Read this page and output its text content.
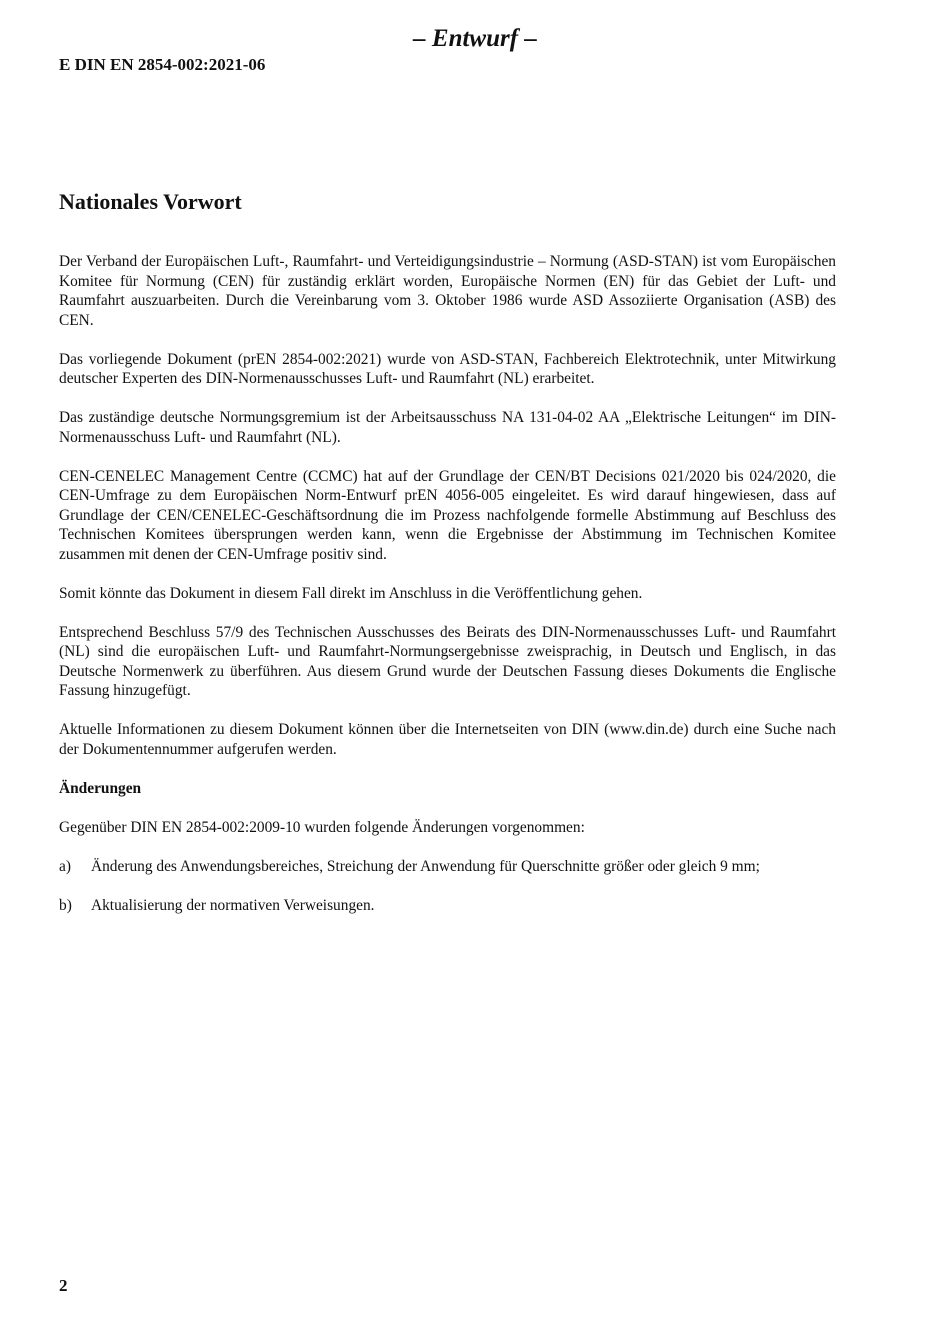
– Entwurf –
E DIN EN 2854-002:2021-06
Nationales Vorwort

Der Verband der Europäischen Luft-, Raumfahrt- und Verteidigungsindustrie – Normung (ASD-STAN) ist vom Europäischen Komitee für Normung (CEN) für zuständig erklärt worden, Europäische Normen (EN) für das Gebiet der Luft- und Raumfahrt auszuarbeiten. Durch die Vereinbarung vom 3. Oktober 1986 wurde ASD Assoziierte Organisation (ASB) des CEN.

Das vorliegende Dokument (prEN 2854-002:2021) wurde von ASD-STAN, Fachbereich Elektrotechnik, unter Mitwirkung deutscher Experten des DIN-Normenausschusses Luft- und Raumfahrt (NL) erarbeitet.

Das zuständige deutsche Normungsgremium ist der Arbeitsausschuss NA 131-04-02 AA „Elektrische Leitungen“ im DIN-Normenausschuss Luft- und Raumfahrt (NL).

CEN-CENELEC Management Centre (CCMC) hat auf der Grundlage der CEN/BT Decisions 021/2020 bis 024/2020, die CEN-Umfrage zu dem Europäischen Norm-Entwurf prEN 4056-005 eingeleitet. Es wird darauf hingewiesen, dass auf Grundlage der CEN/CENELEC-Geschäftsordnung die im Prozess nachfolgende formelle Abstimmung auf Beschluss des Technischen Komitees übersprungen werden kann, wenn die Ergebnisse der Abstimmung im Technischen Komitee zusammen mit denen der CEN-Umfrage positiv sind.

Somit könnte das Dokument in diesem Fall direkt im Anschluss in die Veröffentlichung gehen.

Entsprechend Beschluss 57/9 des Technischen Ausschusses des Beirats des DIN-Normenausschusses Luft- und Raumfahrt (NL) sind die europäischen Luft- und Raumfahrt-Normungsergebnisse zweisprachig, in Deutsch und Englisch, in das Deutsche Normenwerk zu überführen. Aus diesem Grund wurde der Deutschen Fassung dieses Dokuments die Englische Fassung hinzugefügt.

Aktuelle Informationen zu diesem Dokument können über die Internetseiten von DIN (www.din.de) durch eine Suche nach der Dokumentennummer aufgerufen werden.

Änderungen

Gegenüber DIN EN 2854-002:2009-10 wurden folgende Änderungen vorgenommen:

a)	Änderung des Anwendungsbereiches, Streichung der Anwendung für Querschnitte größer oder gleich 9 mm;
b)	Aktualisierung der normativen Verweisungen.
2
